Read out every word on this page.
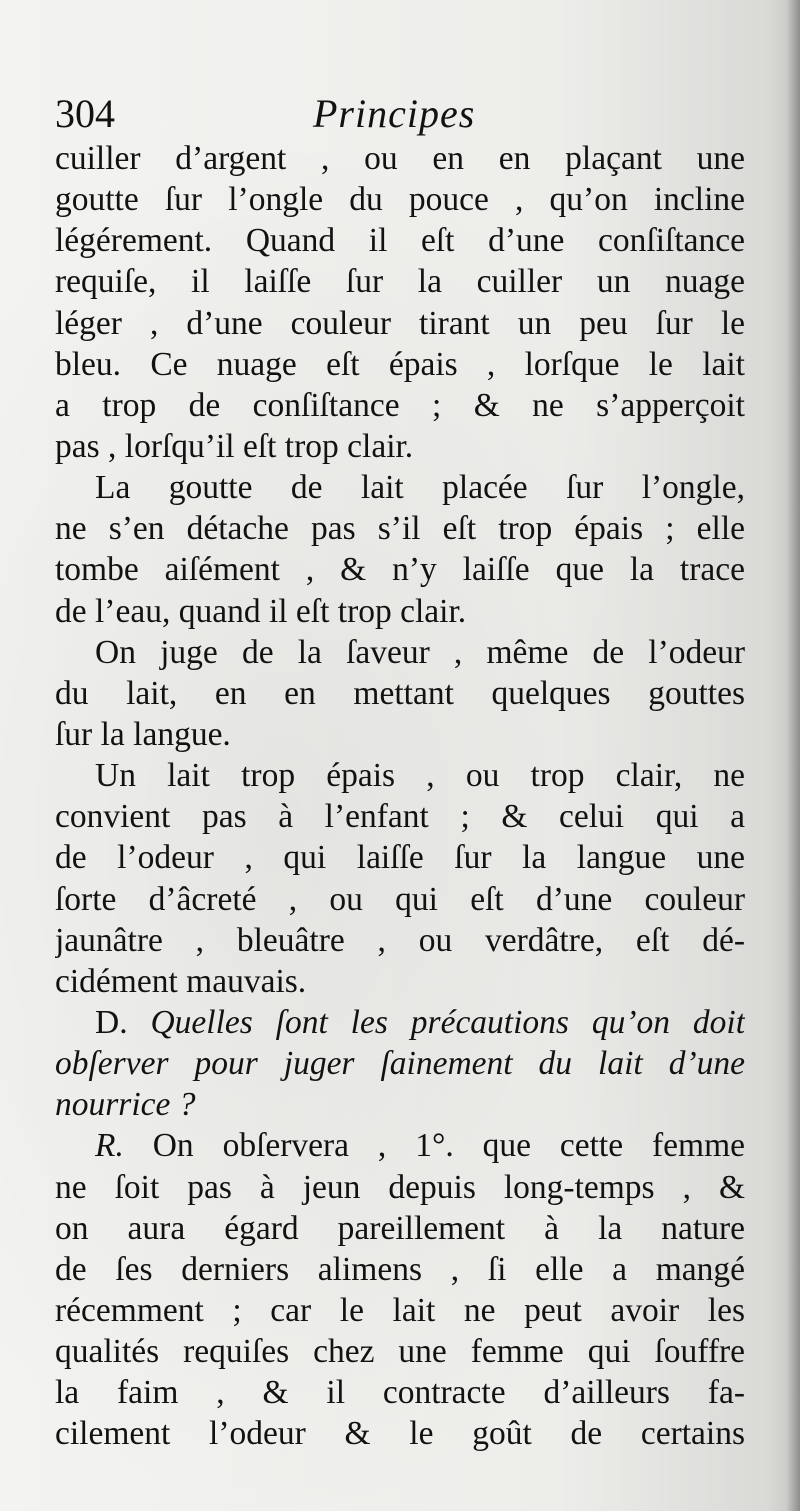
304	Principes
cuiller d’argent , ou en en plaçant une
goutte ſur l’ongle du pouce , qu’on incline
légérement. Quand il eſt d’une conſiſtance
requiſe, il laiſſe ſur la cuiller un nuage
léger , d’une couleur tirant un peu ſur le
bleu. Ce nuage eſt épais , lorſque le lait
a trop de conſiſtance ; & ne s’apperçoit
pas , lorſqu’il eſt trop clair.
La goutte de lait placée ſur l’ongle,
ne s’en détache pas s’il eſt trop épais ; elle
tombe aiſément , & n’y laiſſe que la trace
de l’eau, quand il eſt trop clair.
On juge de la ſaveur , même de l’odeur
du lait, en en mettant quelques gouttes
ſur la langue.
Un lait trop épais , ou trop clair, ne
convient pas à l’enfant ; & celui qui a
de l’odeur , qui laiſſe ſur la langue une
ſorte d’âcreté , ou qui eſt d’une couleur
jaunâtre , bleuâtre , ou verdâtre, eſt dé-
cidément mauvais.
D. Quelles ſont les précautions qu’on doit
obſerver pour juger ſainement du lait d’une
nourrice ?
R. On obſervera , 1°. que cette femme
ne ſoit pas à jeun depuis long-temps , &
on aura égard pareillement à la nature
de ſes derniers alimens , ſi elle a mangé
récemment ; car le lait ne peut avoir les
qualités requiſes chez une femme qui ſouffre
la faim , & il contracte d’ailleurs fa-
cilement l’odeur & le goût de certains
